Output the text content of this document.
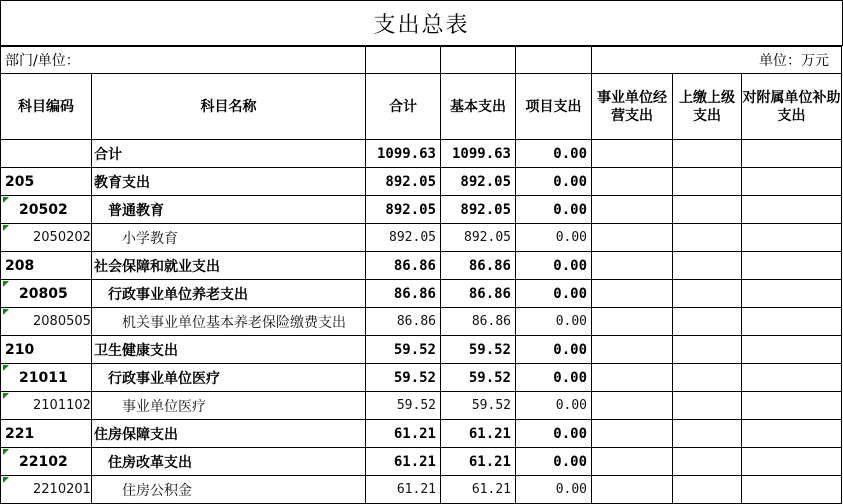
支出总表
部门/单位：					单位：万元		
科目编码	科目名称	合计	基本支出	项目支出	事业单位经营支出	上缴上级支出	对附属单位补助支出
	合计	1099.63	1099.63	0.00			
205	教育支出	892.05	892.05	0.00			
20502	普通教育	892.05	892.05	0.00			
2050202	小学教育	892.05	892.05	0.00			
208	社会保障和就业支出	86.86	86.86	0.00			
20805	行政事业单位养老支出	86.86	86.86	0.00			
2080505	机关事业单位基本养老保险缴费支出	86.86	86.86	0.00			
210	卫生健康支出	59.52	59.52	0.00			
21011	行政事业单位医疗	59.52	59.52	0.00			
2101102	事业单位医疗	59.52	59.52	0.00			
221	住房保障支出	61.21	61.21	0.00			
22102	住房改革支出	61.21	61.21	0.00			
2210201	住房公积金	61.21	61.21	0.00			
